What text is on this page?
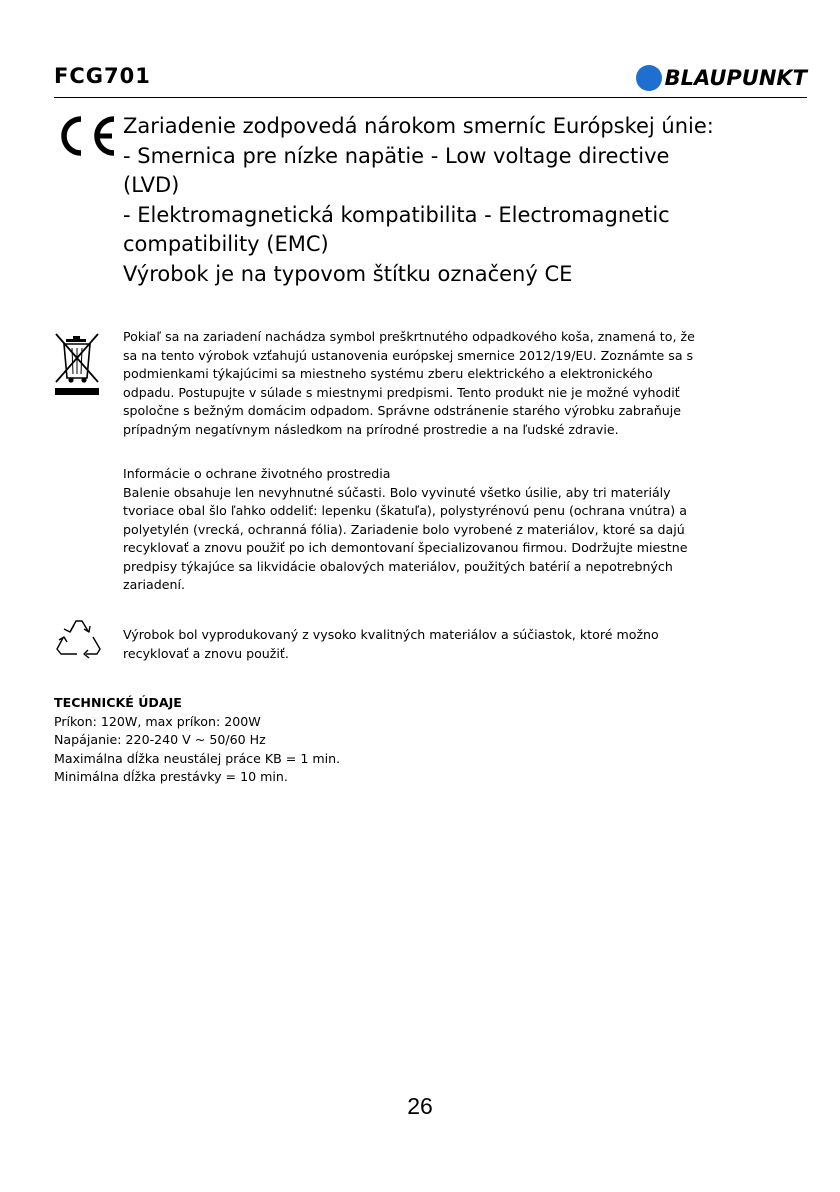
FCG701	BLAUPUNKT

Zariadenie zodpovedá nárokom smerníc Európskej únie:

- Smernica pre nízke napätie - Low voltage directive

(LVD)

- Elektromagnetická kompatibilita - Electromagnetic

compatibility (EMC)

Výrobok je na typovom štítku označený CE

Pokiaľ sa na zariadení nachádza symbol preškrtnutého odpadkového koša, znamená to, že

sa na tento výrobok vzťahujú ustanovenia európskej smernice 2012/19/EU. Zoznámte sa s

podmienkami týkajúcimi sa miestneho systému zberu elektrického a elektronického

odpadu. Postupujte v súlade s miestnymi predpismi. Tento produkt nie je možné vyhodiť

spoločne s bežným domácim odpadom. Správne odstránenie starého výrobku zabraňuje

prípadným negatívnym následkom na prírodné prostredie a na ľudské zdravie.

Informácie o ochrane životného prostredia

Balenie obsahuje len nevyhnutné súčasti. Bolo vyvinuté všetko úsilie, aby tri materiály

tvoriace obal šlo ľahko oddeliť: lepenku (škatuľa), polystyrénovú penu (ochrana vnútra) a

polyetylén (vrecká, ochranná fólia). Zariadenie bolo vyrobené z materiálov, ktoré sa dajú

recyklovať a znovu použiť po ich demontovaní špecializovanou firmou. Dodržujte miestne

predpisy týkajúce sa likvidácie obalových materiálov, použitých batérií a nepotrebných

zariadení.

Výrobok bol vyprodukovaný z vysoko kvalitných materiálov a súčiastok, ktoré možno

recyklovať a znovu použiť.

TECHNICKÉ ÚDAJE

Príkon: 120W, max príkon: 200W

Napájanie: 220-240 V ~ 50/60 Hz

Maximálna dĺžka neustálej práce KB = 1 min.

Minimálna dĺžka prestávky = 10 min.

26
